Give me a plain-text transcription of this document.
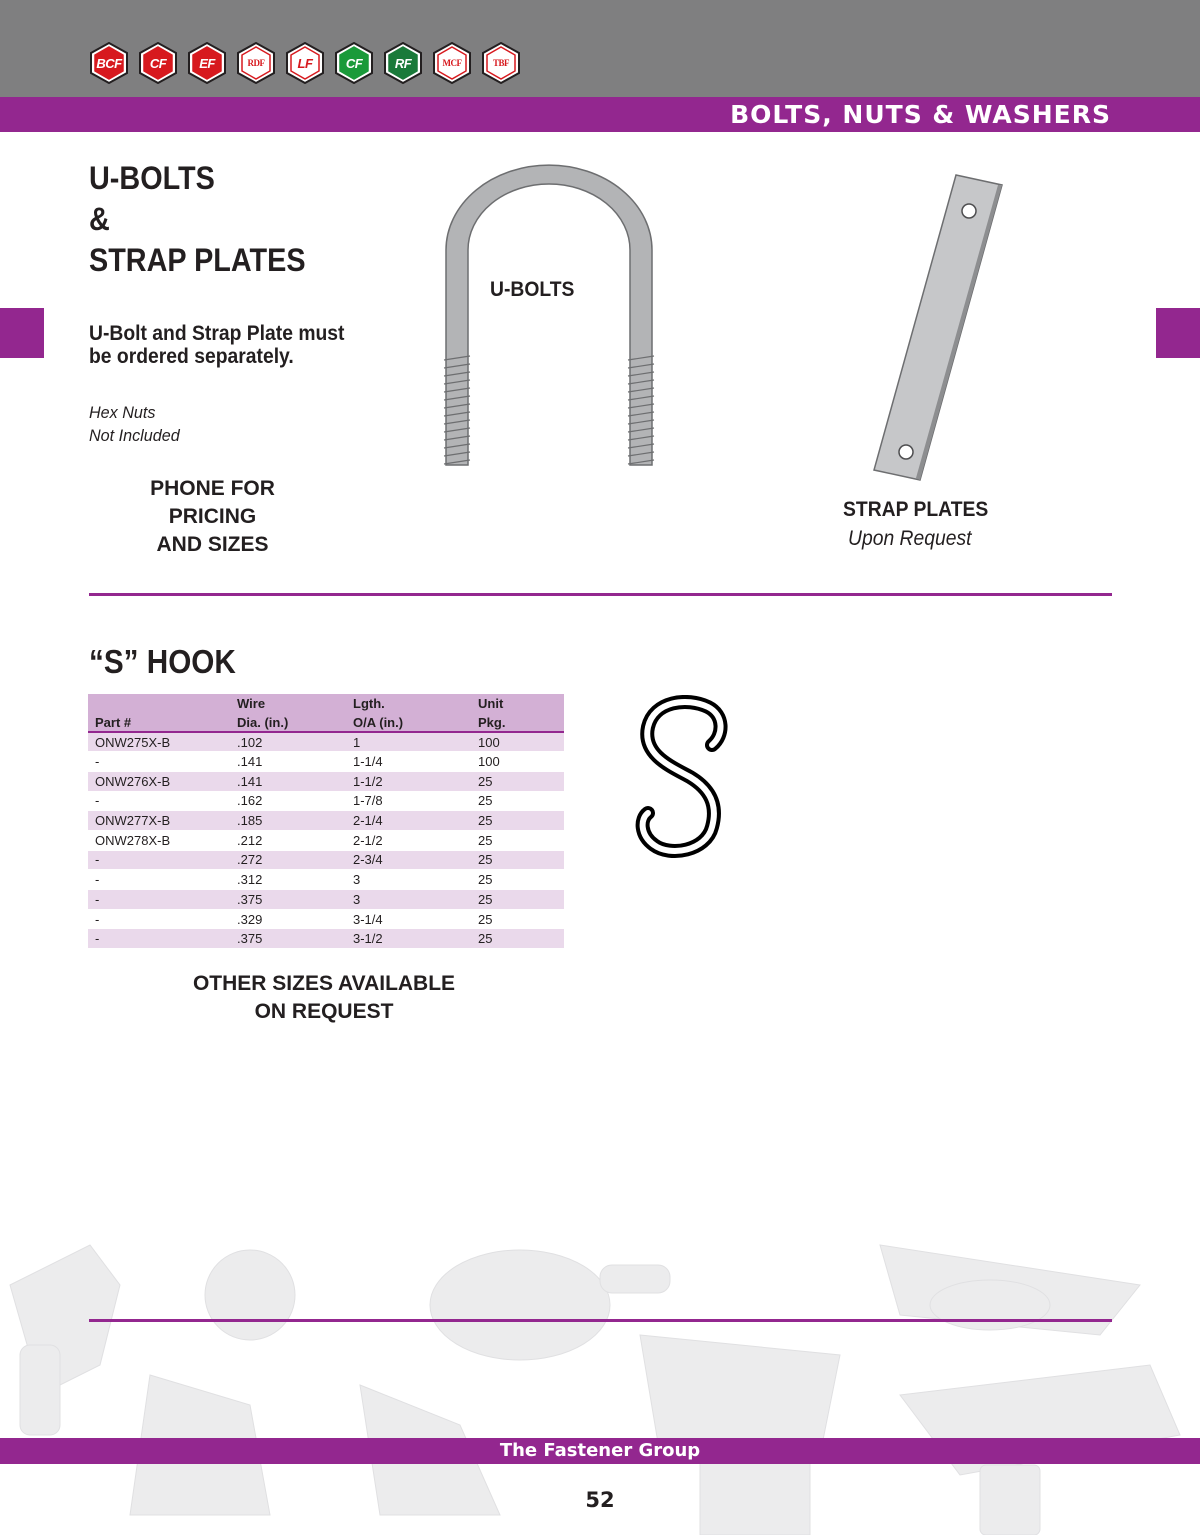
BCF	CF	EF	RDF	LF	CF	RF	MCF	TBF
BOLTS, NUTS & WASHERS
U-BOLTS
&
STRAP PLATES
U-Bolt and Strap Plate must
be ordered separately.
Hex Nuts
Not Included
PHONE FOR
PRICING
AND SIZES
U-BOLTS
STRAP PLATES
Upon Request
“S” HOOK
	Wire	Lgth.	Unit
Part #	Dia. (in.)	O/A (in.)	Pkg.
ONW275X-B	.102	1	100
-	.141	1-1/4	100
ONW276X-B	.141	1-1/2	25
-	.162	1-7/8	25
ONW277X-B	.185	2-1/4	25
ONW278X-B	.212	2-1/2	25
-	.272	2-3/4	25
-	.312	3	25
-	.375	3	25
-	.329	3-1/4	25
-	.375	3-1/2	25
OTHER SIZES AVAILABLE
ON REQUEST
The Fastener Group
52
